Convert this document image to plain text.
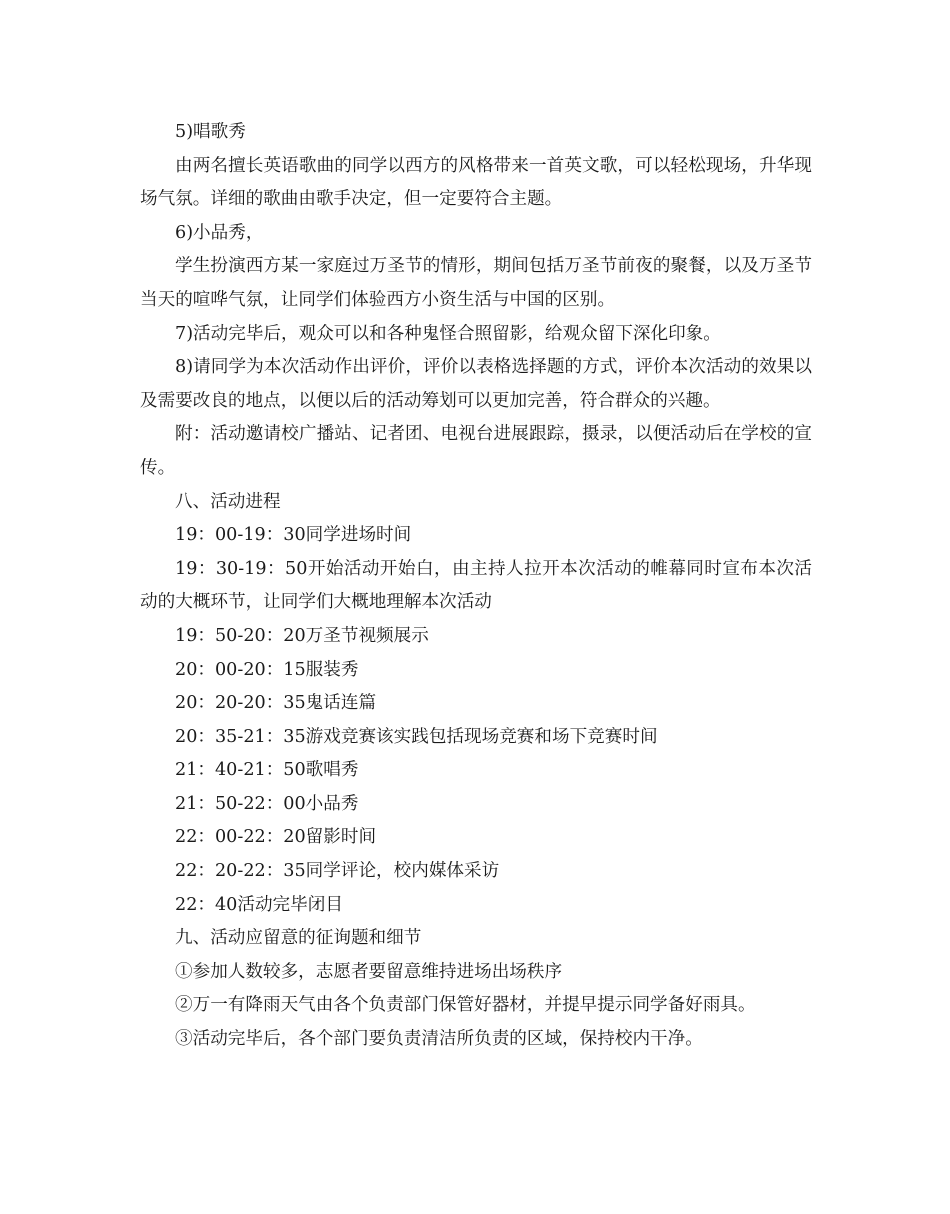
5)唱歌秀

由两名擅长英语歌曲的同学以西方的风格带来一首英文歌，可以轻松现场，升华现场气氛。详细的歌曲由歌手决定，但一定要符合主题。

6)小品秀，

学生扮演西方某一家庭过万圣节的情形，期间包括万圣节前夜的聚餐，以及万圣节当天的喧哗气氛，让同学们体验西方小资生活与中国的区别。

7)活动完毕后，观众可以和各种鬼怪合照留影，给观众留下深化印象。

8)请同学为本次活动作出评价，评价以表格选择题的方式，评价本次活动的效果以及需要改良的地点，以便以后的活动筹划可以更加完善，符合群众的兴趣。

附：活动邀请校广播站、记者团、电视台进展跟踪，摄录，以便活动后在学校的宣传。

八、活动进程

19：00-19：30同学进场时间

19：30-19：50开始活动开始白，由主持人拉开本次活动的帷幕同时宣布本次活动的大概环节，让同学们大概地理解本次活动

19：50-20：20万圣节视频展示

20：00-20：15服装秀

20：20-20：35鬼话连篇

20：35-21：35游戏竞赛该实践包括现场竞赛和场下竞赛时间

21：40-21：50歌唱秀

21：50-22：00小品秀

22：00-22：20留影时间

22：20-22：35同学评论，校内媒体采访

22：40活动完毕闭目

九、活动应留意的征询题和细节

①参加人数较多，志愿者要留意维持进场出场秩序

②万一有降雨天气由各个负责部门保管好器材，并提早提示同学备好雨具。

③活动完毕后，各个部门要负责清洁所负责的区域，保持校内干净。
